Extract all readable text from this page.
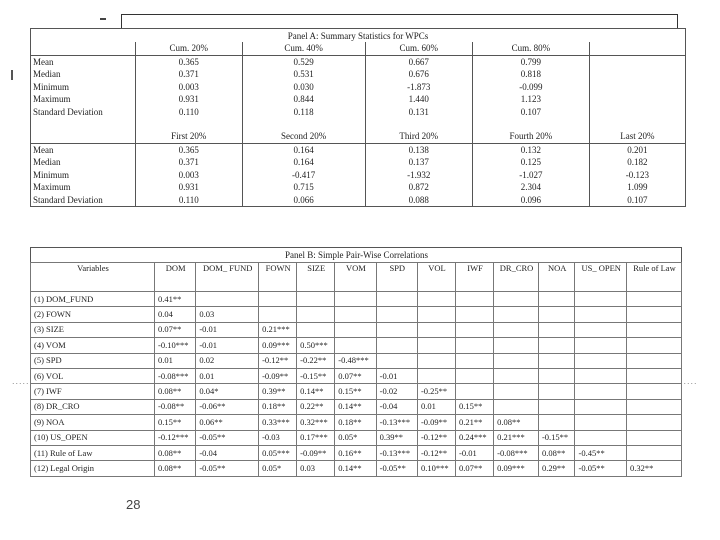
.....	.....
Panel A: Summary Statistics for WPCs					
	Cum. 20%	Cum. 40%	Cum. 60%	Cum. 80%	
Mean	0.365	0.529	0.667	0.799	
Median	0.371	0.531	0.676	0.818	
Minimum	0.003	0.030	-1.873	-0.099	
Maximum	0.931	0.844	1.440	1.123	
Standard Deviation	0.110	0.118	0.131	0.107	

	First 20%	Second 20%	Third 20%	Fourth 20%	Last 20%
Mean	0.365	0.164	0.138	0.132	0.201
Median	0.371	0.164	0.137	0.125	0.182
Minimum	0.003	-0.417	-1.932	-1.027	-0.123
Maximum	0.931	0.715	0.872	2.304	1.099
Standard Deviation	0.110	0.066	0.088	0.096	0.107
Panel B: Simple Pair-Wise Correlations												
Variables	DOM	DOM_ FUND	FOWN	SIZE	VOM	SPD	VOL	IWF	DR_CRO	NOA	US_ OPEN	Rule of Law
(1) DOM_FUND	0.41**											
(2) FOWN	0.04	0.03										
(3) SIZE	0.07**	-0.01	0.21***									
(4) VOM	-0.10***	-0.01	0.09***	0.50***								
(5) SPD	0.01	0.02	-0.12**	-0.22**	-0.48***							
(6) VOL	-0.08***	0.01	-0.09**	-0.15**	0.07**	-0.01						
(7) IWF	0.08**	0.04*	0.39**	0.14**	0.15**	-0.02	-0.25**					
(8) DR_CRO	-0.08**	-0.06**	0.18**	0.22**	0.14**	-0.04	0.01	0.15**				
(9) NOA	0.15**	0.06**	0.33***	0.32***	0.18**	-0.13***	-0.09**	0.21**	0.08**			
(10) US_OPEN	-0.12***	-0.05**	-0.03	0.17***	0.05*	0.39**	-0.12**	0.24***	0.21***	-0.15**		
(11) Rule of Law	0.08**	-0.04	0.05***	-0.09**	0.16**	-0.13***	-0.12**	-0.01	-0.08***	0.08**	-0.45**	
(12) Legal Origin	0.08**	-0.05**	0.05*	0.03	0.14**	-0.05**	0.10***	0.07**	0.09***	0.29**	-0.05**	0.32**
28
